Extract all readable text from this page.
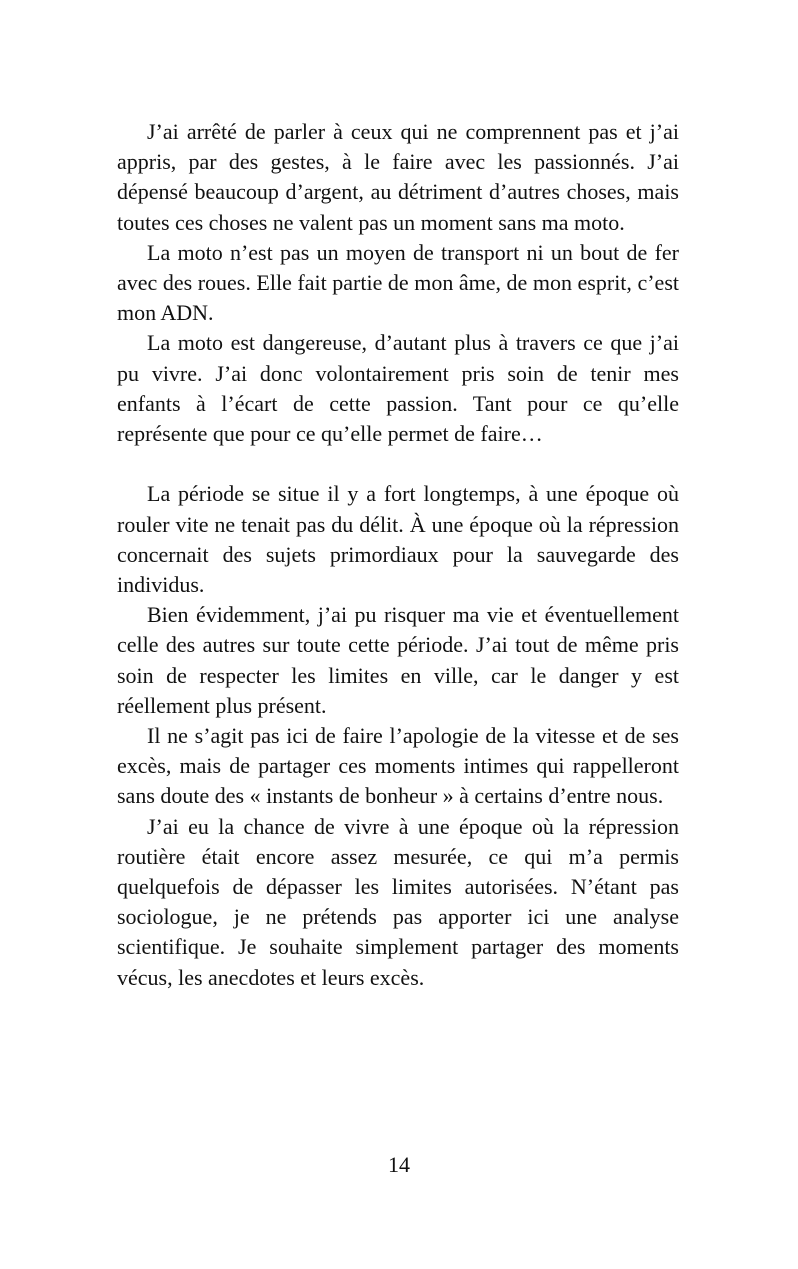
J’ai arrêté de parler à ceux qui ne comprennent pas et j’ai appris, par des gestes, à le faire avec les passionnés. J’ai dépensé beaucoup d’argent, au détriment d’autres choses, mais toutes ces choses ne valent pas un moment sans ma moto.

La moto n’est pas un moyen de transport ni un bout de fer avec des roues. Elle fait partie de mon âme, de mon esprit, c’est mon ADN.

La moto est dangereuse, d’autant plus à travers ce que j’ai pu vivre. J’ai donc volontairement pris soin de tenir mes enfants à l’écart de cette passion. Tant pour ce qu’elle représente que pour ce qu’elle permet de faire…

La période se situe il y a fort longtemps, à une époque où rouler vite ne tenait pas du délit. À une époque où la répression concernait des sujets primordiaux pour la sauvegarde des individus.

Bien évidemment, j’ai pu risquer ma vie et éventuellement celle des autres sur toute cette période. J’ai tout de même pris soin de respecter les limites en ville, car le danger y est réellement plus présent.

Il ne s’agit pas ici de faire l’apologie de la vitesse et de ses excès, mais de partager ces moments intimes qui rappelleront sans doute des « instants de bonheur » à certains d’entre nous.

J’ai eu la chance de vivre à une époque où la répression routière était encore assez mesurée, ce qui m’a permis quelquefois de dépasser les limites autorisées. N’étant pas sociologue, je ne prétends pas apporter ici une analyse scientifique. Je souhaite simplement partager des moments vécus, les anecdotes et leurs excès.

14
